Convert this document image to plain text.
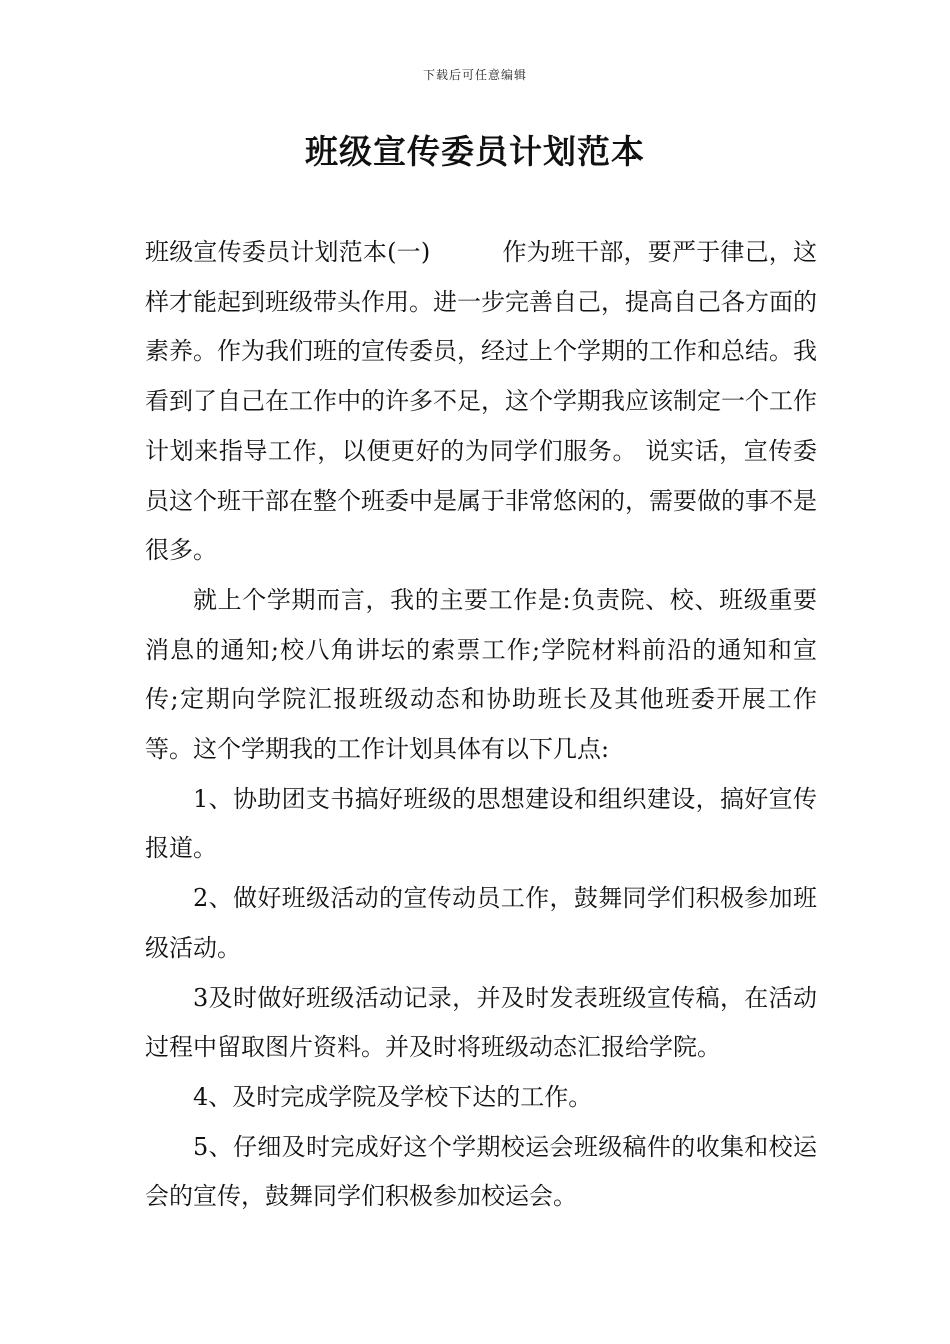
下载后可任意编辑
班级宣传委员计划范本

班级宣传委员计划范本(一)	作为班干部，要严于律己，这样才能起到班级带头作用。进一步完善自己，提高自己各方面的素养。作为我们班的宣传委员，经过上个学期的工作和总结。我看到了自己在工作中的许多不足，这个学期我应该制定一个工作计划来指导工作，以便更好的为同学们服务。 说实话，宣传委员这个班干部在整个班委中是属于非常悠闲的，需要做的事不是很多。

就上个学期而言，我的主要工作是:负责院、校、班级重要消息的通知;校八角讲坛的索票工作;学院材料前沿的通知和宣传;定期向学院汇报班级动态和协助班长及其他班委开展工作等。这个学期我的工作计划具体有以下几点:

1、协助团支书搞好班级的思想建设和组织建设，搞好宣传报道。

2、做好班级活动的宣传动员工作，鼓舞同学们积极参加班级活动。

3及时做好班级活动记录，并及时发表班级宣传稿，在活动过程中留取图片资料。并及时将班级动态汇报给学院。

4、及时完成学院及学校下达的工作。

5、仔细及时完成好这个学期校运会班级稿件的收集和校运会的宣传，鼓舞同学们积极参加校运会。
